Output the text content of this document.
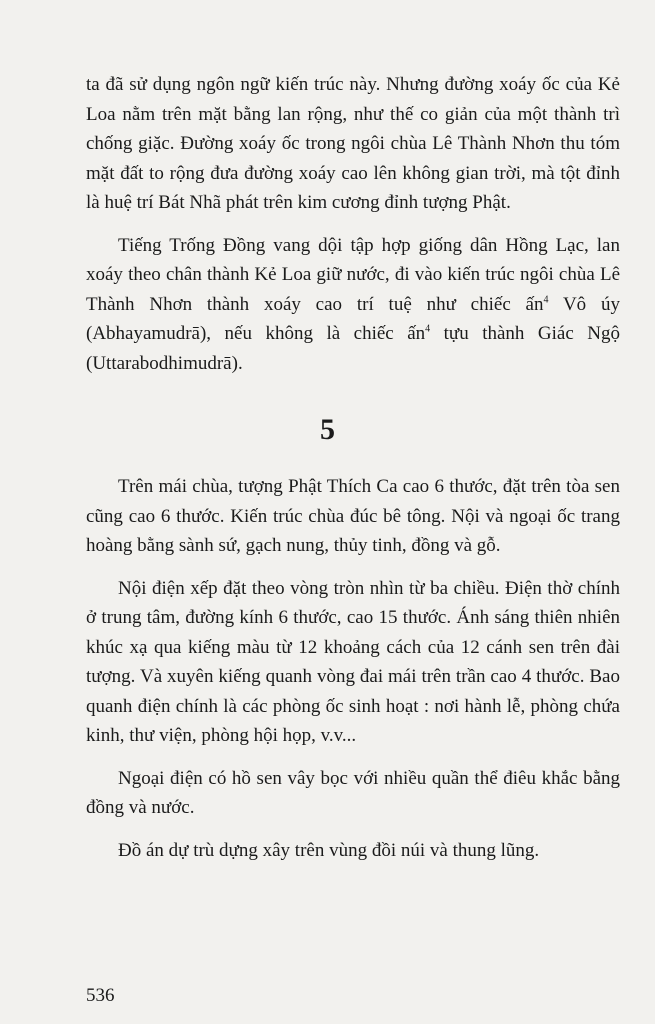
ta đã sử dụng ngôn ngữ kiến trúc này. Nhưng đường xoáy ốc của Kẻ Loa nằm trên mặt bằng lan rộng, như thế co giản của một thành trì chống giặc. Đường xoáy ốc trong ngôi chùa Lê Thành Nhơn thu tóm mặt đất to rộng đưa đường xoáy cao lên không gian trời, mà tột đỉnh là huệ trí Bát Nhã phát trên kim cương đỉnh tượng Phật.

Tiếng Trống Đồng vang dội tập hợp giống dân Hồng Lạc, lan xoáy theo chân thành Kẻ Loa giữ nước, đi vào kiến trúc ngôi chùa Lê Thành Nhơn thành xoáy cao trí tuệ như chiếc ấn$^4$ Vô úy (Abhayamudrā), nếu không là chiếc ấn$^4$ tựu thành Giác Ngộ (Uttarabodhimudrā).

5

Trên mái chùa, tượng Phật Thích Ca cao 6 thước, đặt trên tòa sen cũng cao 6 thước. Kiến trúc chùa đúc bê tông. Nội và ngoại ốc trang hoàng bằng sành sứ, gạch nung, thủy tinh, đồng và gỗ.

Nội điện xếp đặt theo vòng tròn nhìn từ ba chiều. Điện thờ chính ở trung tâm, đường kính 6 thước, cao 15 thước. Ánh sáng thiên nhiên khúc xạ qua kiếng màu từ 12 khoảng cách của 12 cánh sen trên đài tượng. Và xuyên kiếng quanh vòng đai mái trên trần cao 4 thước. Bao quanh điện chính là các phòng ốc sinh hoạt : nơi hành lễ, phòng chứa kinh, thư viện, phòng hội họp, v.v...

Ngoại điện có hồ sen vây bọc với nhiều quần thể điêu khắc bằng đồng và nước.

Đồ án dự trù dựng xây trên vùng đồi núi và thung lũng.

536
